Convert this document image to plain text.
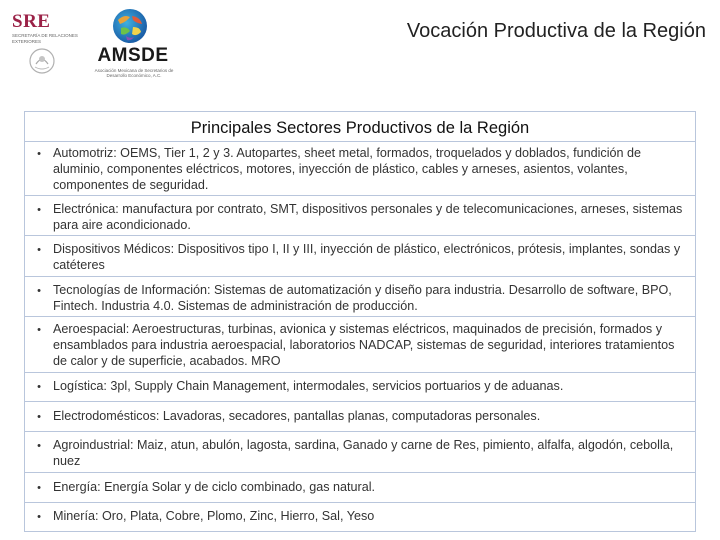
SRE
SECRETARÍA DE RELACIONES EXTERIORES
AMSDE
Asociación Mexicana de Secretarios de Desarrollo Económico, A.C.
Vocación Productiva de la Región
Principales Sectores Productivos de la Región
• Automotriz: OEMS, Tier 1, 2 y 3. Autopartes, sheet metal, formados, troquelados y doblados, fundición de aluminio, componentes eléctricos, motores, inyección de plástico, cables y arneses, asientos, volantes, componentes de seguridad.
• Electrónica: manufactura por contrato, SMT, dispositivos personales y de telecomunicaciones, arneses, sistemas para aire acondicionado.
• Dispositivos Médicos: Dispositivos tipo I, II y III, inyección de plástico, electrónicos, prótesis, implantes, sondas y catéteres
• Tecnologías de Información: Sistemas de automatización y diseño para industria. Desarrollo de software, BPO, Fintech. Industria 4.0. Sistemas de administración de producción.
• Aeroespacial: Aeroestructuras, turbinas, avionica y sistemas eléctricos, maquinados de precisión, formados y ensamblados para industria aeroespacial, laboratorios NADCAP, sistemas de seguridad, interiores tratamientos de calor y de superficie, acabados. MRO
• Logística: 3pl, Supply Chain Management, intermodales, servicios portuarios y de aduanas.
• Electrodomésticos: Lavadoras, secadores, pantallas planas, computadoras personales.
• Agroindustrial: Maiz, atun, abulón, lagosta, sardina, Ganado y carne de Res, pimiento, alfalfa, algodón, cebolla, nuez
• Energía: Energía Solar y de ciclo combinado, gas natural.
• Minería: Oro, Plata, Cobre, Plomo, Zinc, Hierro, Sal, Yeso
